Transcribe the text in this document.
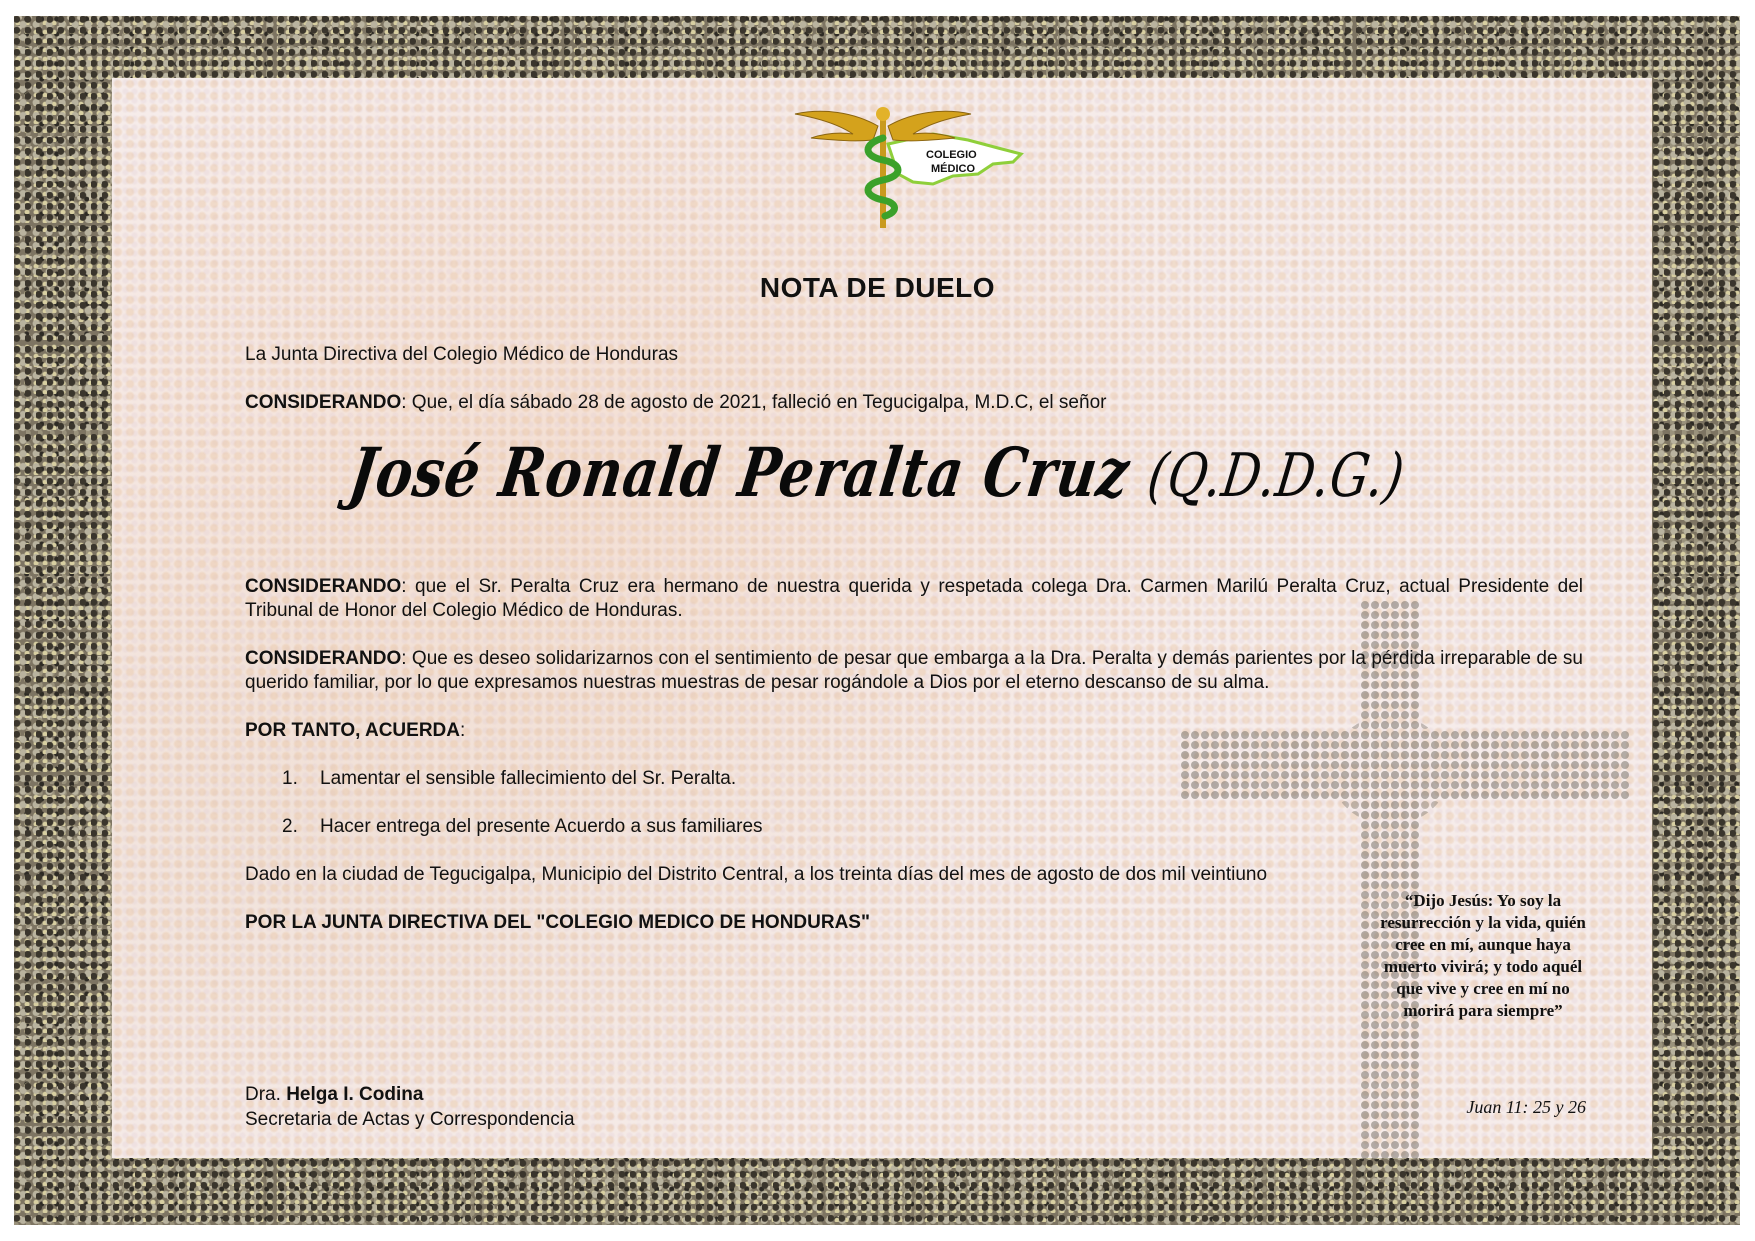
COLEGIO
MÉDICO
NOTA DE DUELO
La Junta Directiva del Colegio Médico de Honduras
CONSIDERANDO: Que, el día sábado 28 de agosto de 2021, falleció en Tegucigalpa, M.D.C, el señor
José Ronald Peralta Cruz (Q.D.D.G.)
CONSIDERANDO: que el Sr. Peralta Cruz era hermano de nuestra querida y respetada colega Dra. Carmen Marilú Peralta Cruz, actual Presidente del Tribunal de Honor del Colegio Médico de Honduras.
CONSIDERANDO: Que es deseo solidarizarnos con el sentimiento de pesar que embarga a la Dra. Peralta y demás parientes por la pérdida irreparable de su querido familiar, por lo que expresamos nuestras muestras de pesar rogándole a Dios por el eterno descanso de su alma.
POR TANTO, ACUERDA:
1. Lamentar el sensible fallecimiento del Sr. Peralta.
2. Hacer entrega del presente Acuerdo a sus familiares
Dado en la ciudad de Tegucigalpa, Municipio del Distrito Central, a los treinta días del mes de agosto de dos mil veintiuno
POR LA JUNTA DIRECTIVA DEL "COLEGIO MEDICO DE HONDURAS"
“Dijo Jesús: Yo soy la resurrección y la vida, quién cree en mí, aunque haya muerto vivirá; y todo aquél que vive y cree en mí no morirá para siempre”
Juan 11: 25 y 26
Dra. Helga I. Codina
Secretaria de Actas y Correspondencia
